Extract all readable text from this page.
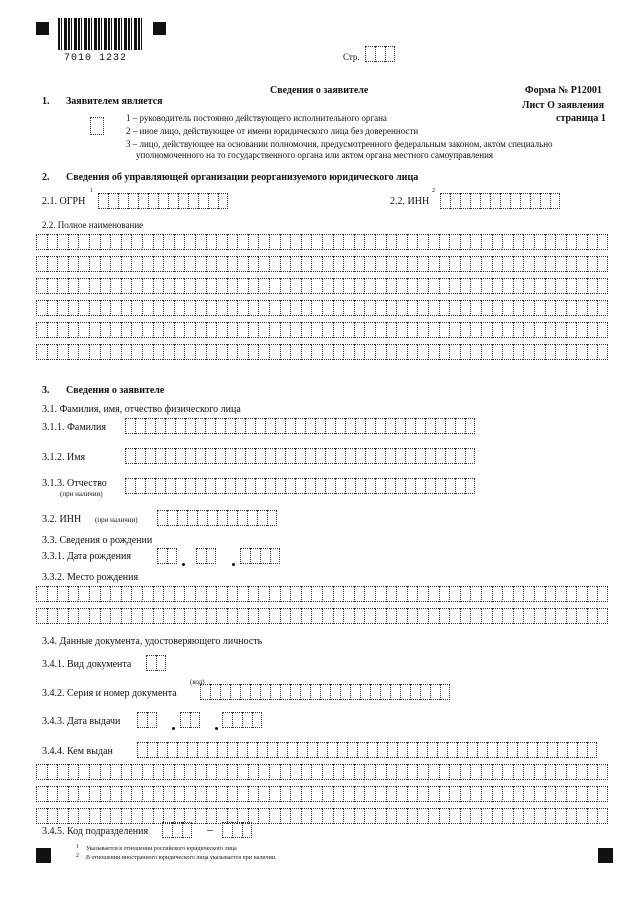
7010 1232	Стр.
Сведения о заявителе	Форма № Р12001
Лист О заявления
страница 1
1. Заявителем является
1 – руководитель постоянно действующего исполнительного органа
2 – иное лицо, действующее от имени юридического лица без доверенности
3 – лицо, действующее на основании полномочия, предусмотренного федеральным законом, актом специально
уполномоченного на то государственного органа или актом органа местного самоуправления
2. Сведения об управляющей организации реорганизуемого юридического лица
2.1. ОГРН
1
2.2. ИНН
2
2.2. Полное наименование
3. Сведения о заявителе
3.1. Фамилия, имя, отчество физического лица
3.1.1. Фамилия
3.1.2. Имя
3.1.3. Отчество
(при наличии)
3.2. ИНН (при наличии)
3.3. Сведения о рождении
3.3.1. Дата рождения
3.3.2. Место рождения
3.4. Данные документа, удостоверяющего личность
3.4.1. Вид документа
(код)
3.4.2. Серия и номер документа
3.4.3. Дата выдачи
3.4.4. Кем выдан
3.4.5. Код подразделения	–
1 Указывается в отношении российского юридического лица
2 В отношении иностранного юридического лица указывается при наличии.
